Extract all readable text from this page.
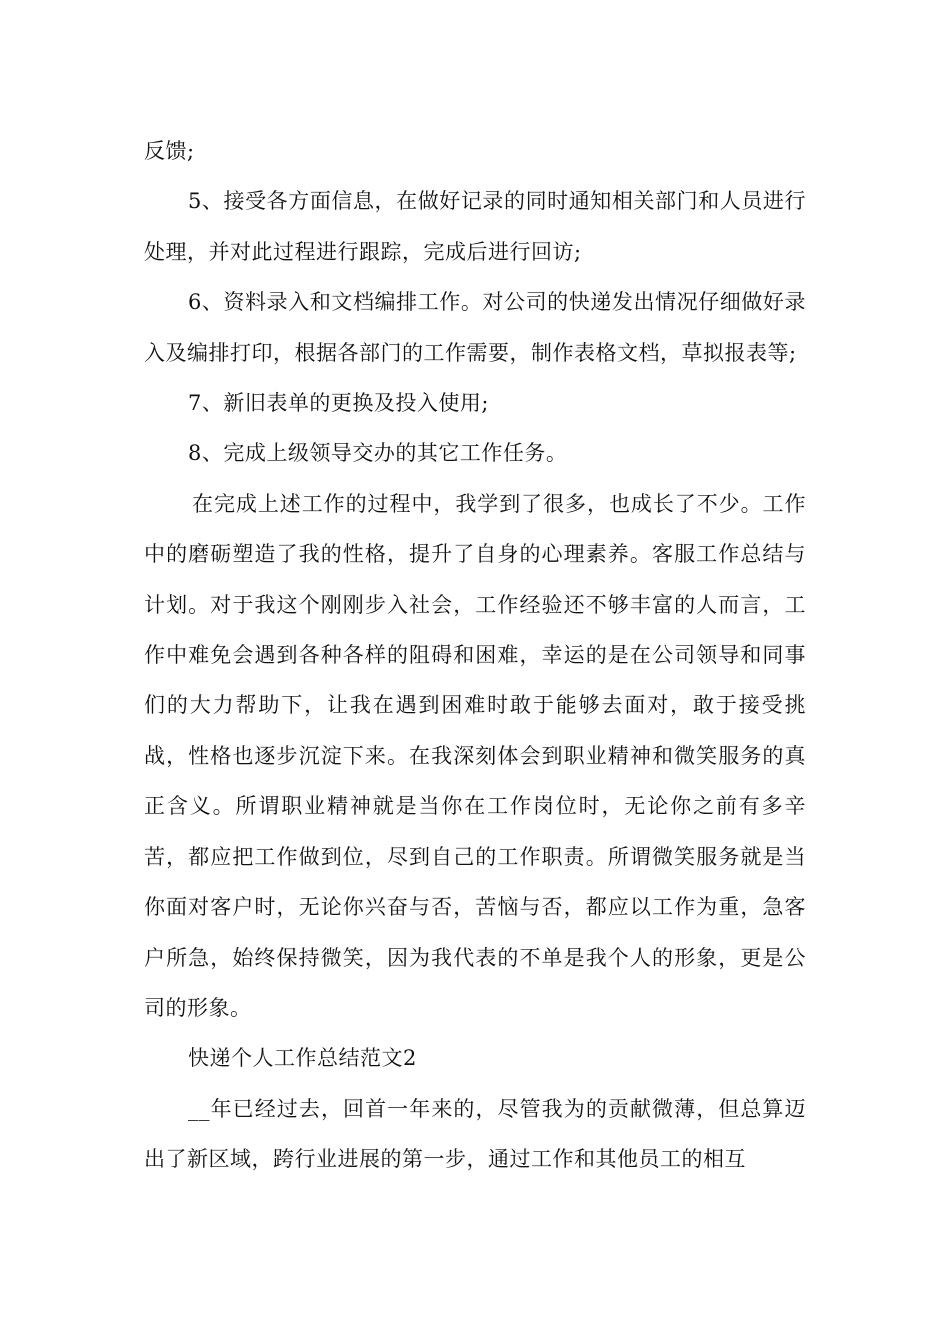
反馈;

5、接受各方面信息，在做好记录的同时通知相关部门和人员进行处理，并对此过程进行跟踪，完成后进行回访;

6、资料录入和文档编排工作。对公司的快递发出情况仔细做好录入及编排打印，根据各部门的工作需要，制作表格文档，草拟报表等;

7、新旧表单的更换及投入使用;

8、完成上级领导交办的其它工作任务。

在完成上述工作的过程中，我学到了很多，也成长了不少。工作中的磨砺塑造了我的性格，提升了自身的心理素养。客服工作总结与计划。对于我这个刚刚步入社会，工作经验还不够丰富的人而言，工作中难免会遇到各种各样的阻碍和困难，幸运的是在公司领导和同事们的大力帮助下，让我在遇到困难时敢于能够去面对，敢于接受挑战，性格也逐步沉淀下来。在我深刻体会到职业精神和微笑服务的真正含义。所谓职业精神就是当你在工作岗位时，无论你之前有多辛苦，都应把工作做到位，尽到自己的工作职责。所谓微笑服务就是当你面对客户时，无论你兴奋与否，苦恼与否，都应以工作为重，急客户所急，始终保持微笑，因为我代表的不单是我个人的形象，更是公司的形象。

快递个人工作总结范文2

__年已经过去，回首一年来的，尽管我为的贡献微薄，但总算迈出了新区域，跨行业进展的第一步，通过工作和其他员工的相互
